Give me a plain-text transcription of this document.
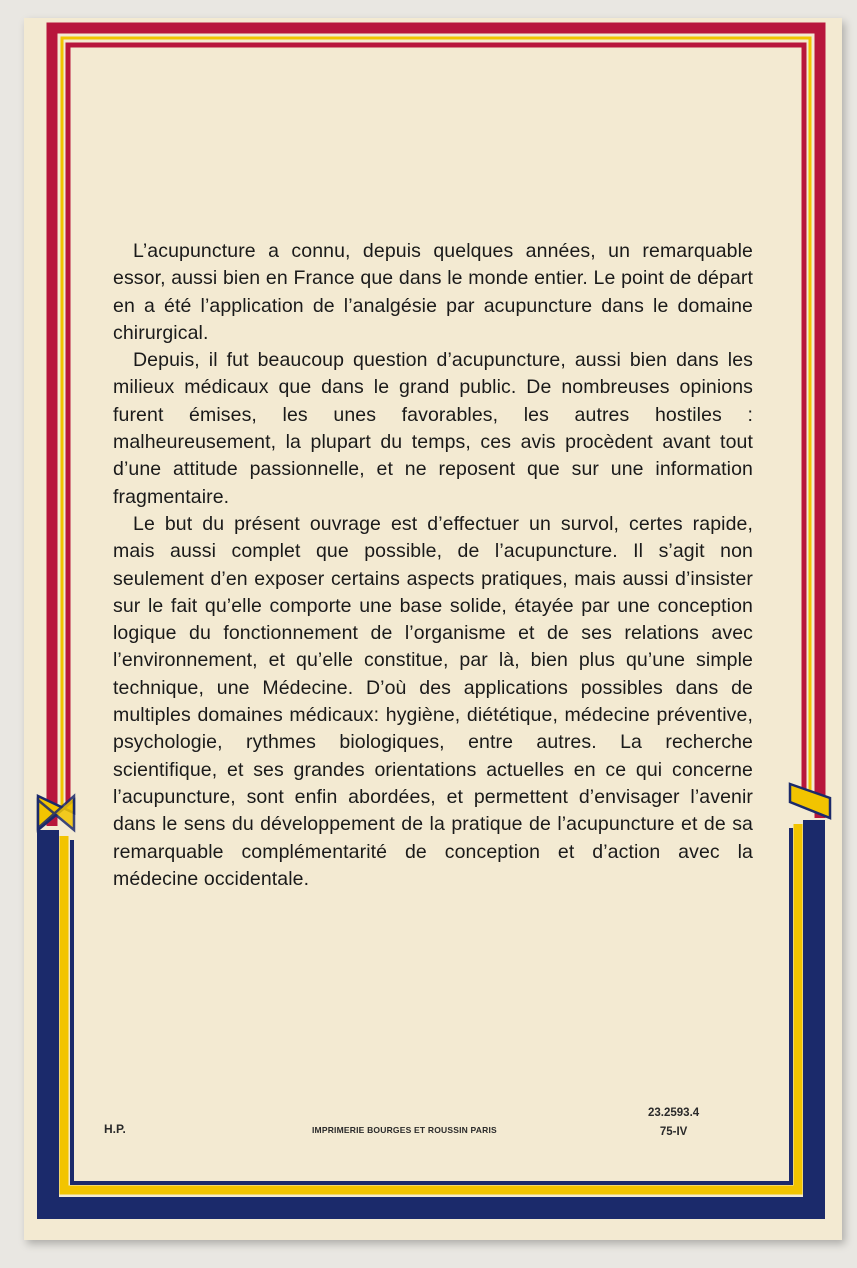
L’acupuncture a connu, depuis quelques années, un remarquable essor, aussi bien en France que dans le monde entier. Le point de départ en a été l’application de l’analgésie par acupuncture dans le domaine chirurgical.

Depuis, il fut beaucoup question d’acupuncture, aussi bien dans les milieux médicaux que dans le grand public. De nombreuses opinions furent émises, les unes favorables, les autres hostiles : malheureusement, la plupart du temps, ces avis procèdent avant tout d’une attitude passionnelle, et ne reposent que sur une information fragmentaire.

Le but du présent ouvrage est d’effectuer un survol, certes rapide, mais aussi complet que possible, de l’acupuncture. Il s’agit non seulement d’en exposer certains aspects pratiques, mais aussi d’insister sur le fait qu’elle comporte une base solide, étayée par une conception logique du fonctionnement de l’organisme et de ses relations avec l’environnement, et qu’elle constitue, par là, bien plus qu’une simple technique, une Médecine. D’où des applications possibles dans de multiples domaines médicaux: hygiène, diététique, médecine préventive, psychologie, rythmes biologiques, entre autres. La recherche scientifique, et ses grandes orientations actuelles en ce qui concerne l’acupuncture, sont enfin abordées, et permettent d’envisager l’avenir dans le sens du développement de la pratique de l’acupuncture et de sa remarquable complémentarité de conception et d’action avec la médecine occidentale.

H.P.	IMPRIMERIE BOURGES ET ROUSSIN PARIS
23.2593.4
75-IV
